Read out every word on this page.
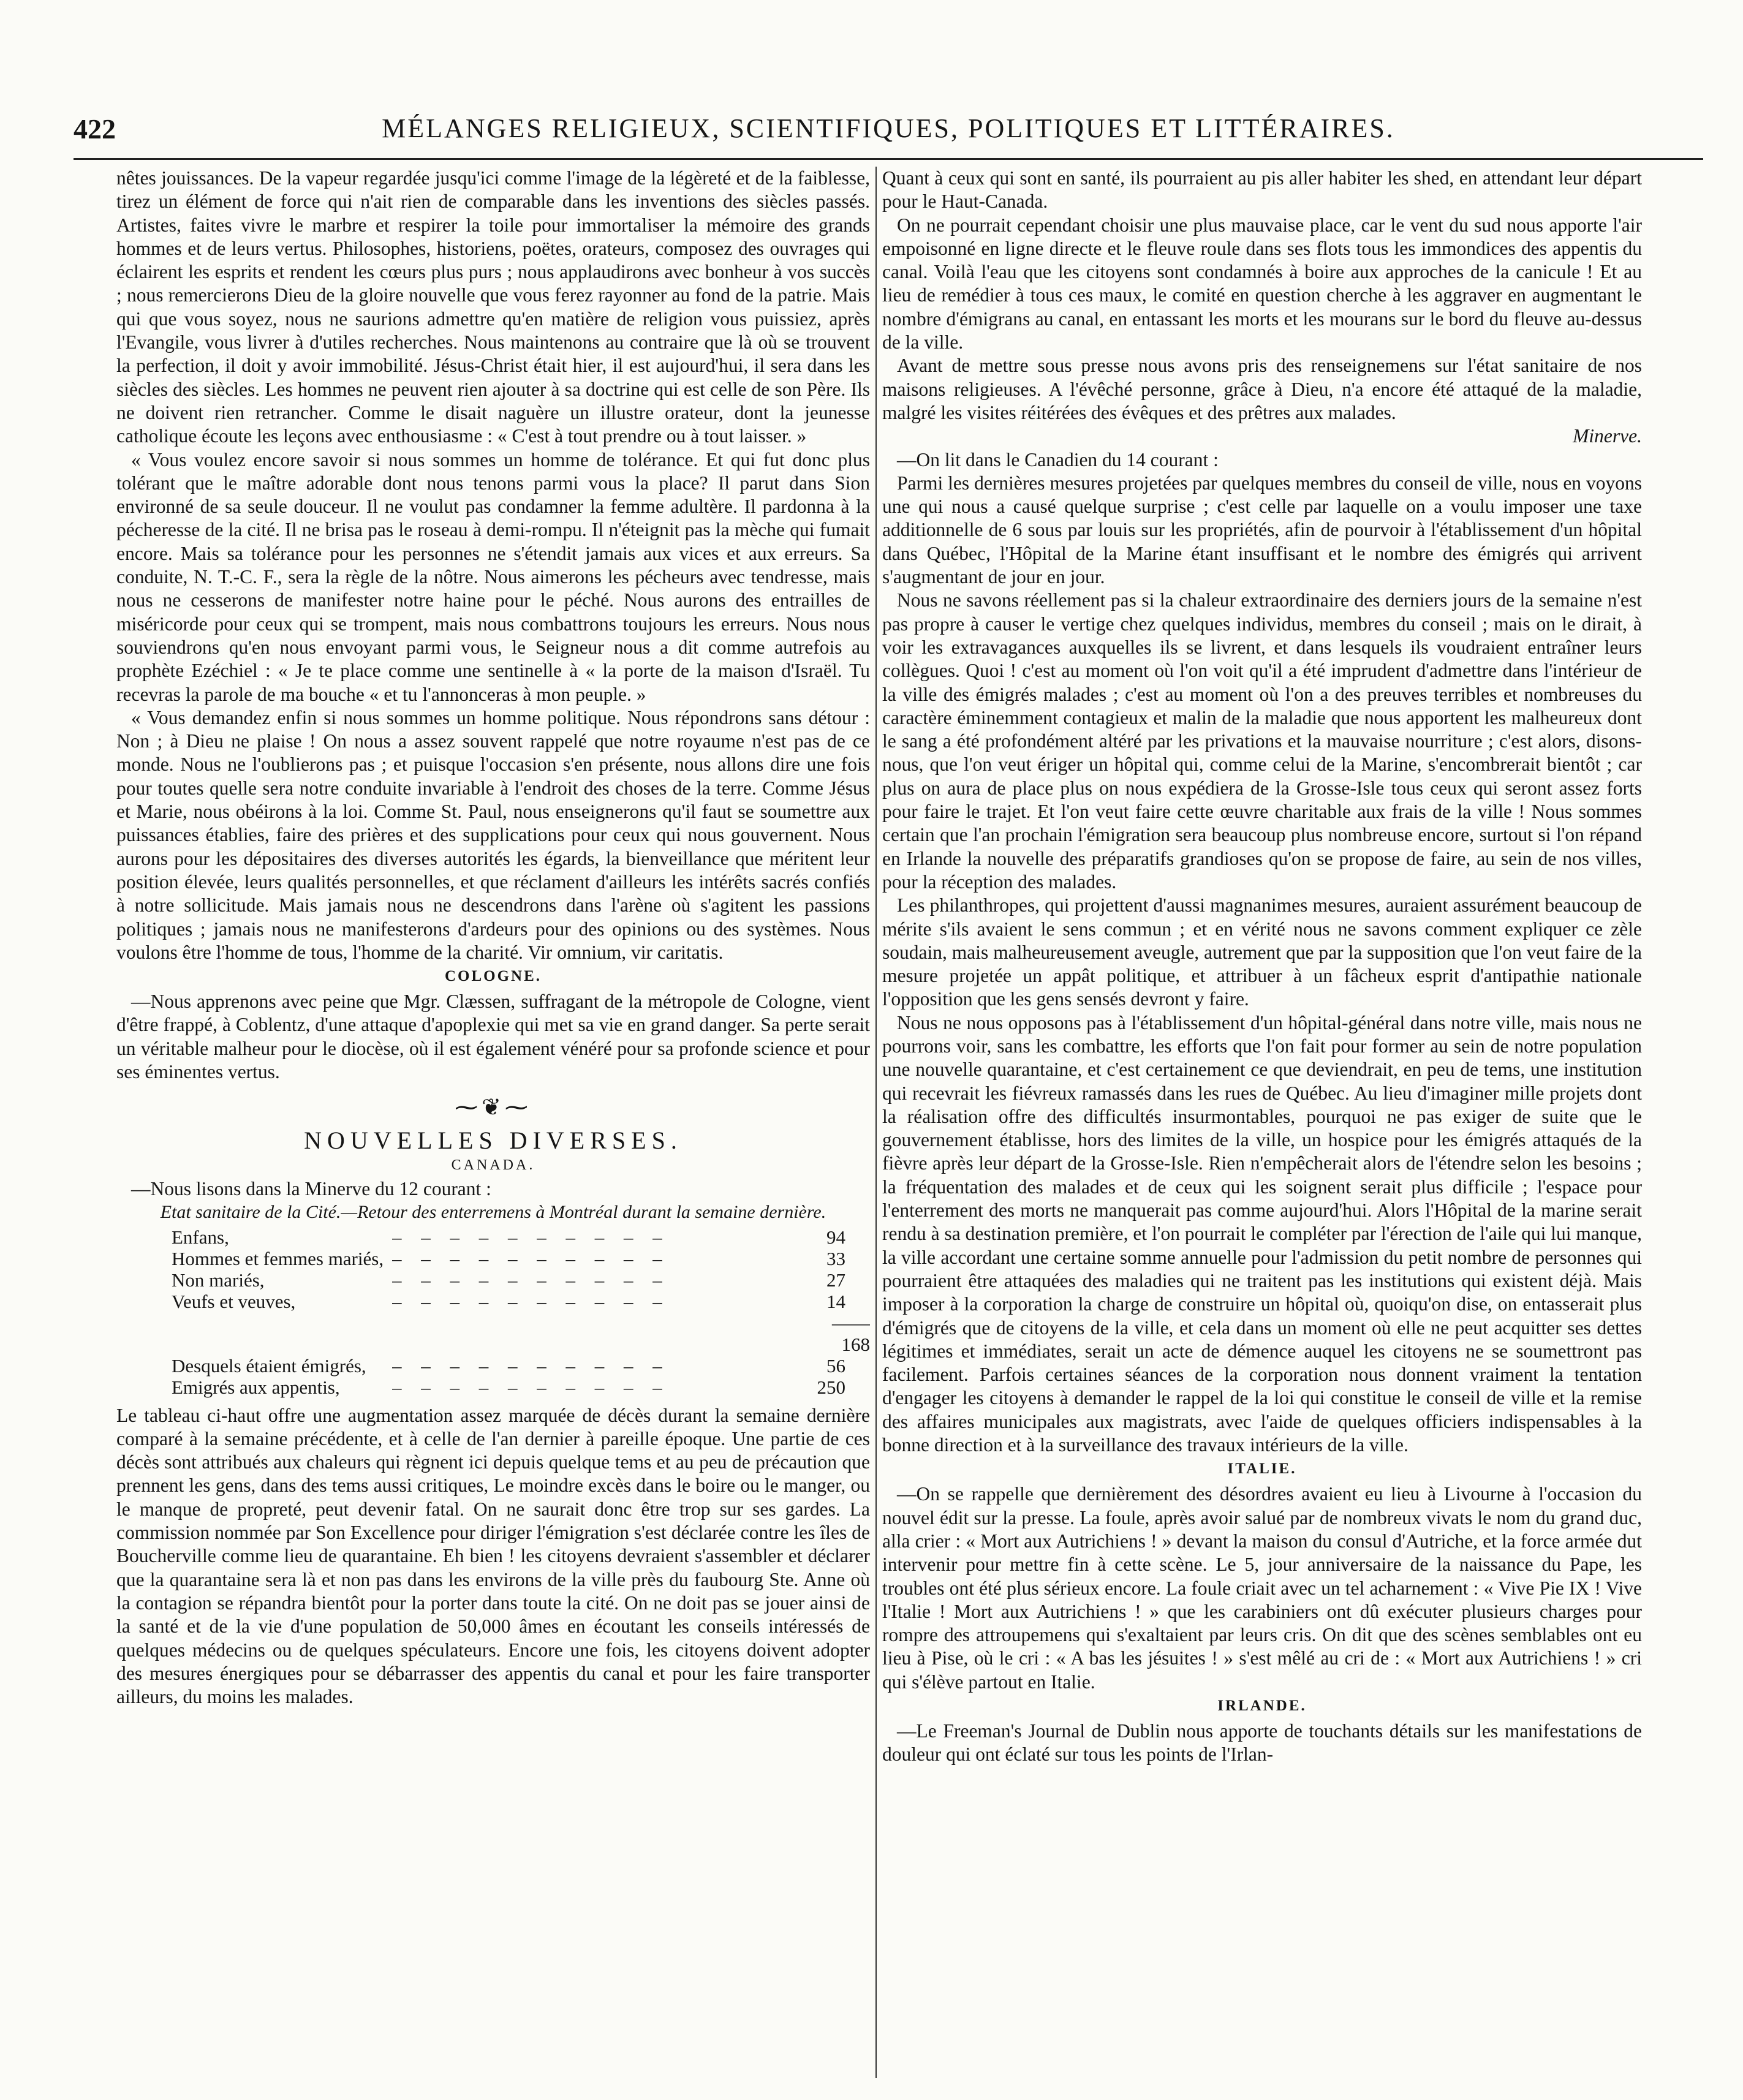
422	MÉLANGES RELIGIEUX, SCIENTIFIQUES, POLITIQUES ET LITTÉRAIRES.

nêtes jouissances. De la vapeur regardée jusqu'ici comme l'image de la légèreté et de la faiblesse, tirez un élément de force qui n'ait rien de comparable dans les inventions des siècles passés. Artistes, faites vivre le marbre et respirer la toile pour immortaliser la mémoire des grands hommes et de leurs vertus. Philosophes, historiens, poëtes, orateurs, composez des ouvrages qui éclairent les esprits et rendent les cœurs plus purs ; nous applaudirons avec bonheur à vos succès ; nous remercierons Dieu de la gloire nouvelle que vous ferez rayonner au fond de la patrie. Mais qui que vous soyez, nous ne saurions admettre qu'en matière de religion vous puissiez, après l'Evangile, vous livrer à d'utiles recherches. Nous maintenons au contraire que là où se trouvent la perfection, il doit y avoir immobilité. Jésus-Christ était hier, il est aujourd'hui, il sera dans les siècles des siècles. Les hommes ne peuvent rien ajouter à sa doctrine qui est celle de son Père. Ils ne doivent rien retrancher. Comme le disait naguère un illustre orateur, dont la jeunesse catholique écoute les leçons avec enthousiasme : « C'est à tout prendre ou à tout laisser. »

« Vous voulez encore savoir si nous sommes un homme de tolérance. Et qui fut donc plus tolérant que le maître adorable dont nous tenons parmi vous la place? Il parut dans Sion environné de sa seule douceur. Il ne voulut pas condamner la femme adultère. Il pardonna à la pécheresse de la cité. Il ne brisa pas le roseau à demi-rompu. Il n'éteignit pas la mèche qui fumait encore. Mais sa tolérance pour les personnes ne s'étendit jamais aux vices et aux erreurs. Sa conduite, N. T.-C. F., sera la règle de la nôtre. Nous aimerons les pécheurs avec tendresse, mais nous ne cesserons de manifester notre haine pour le péché. Nous aurons des entrailles de miséricorde pour ceux qui se trompent, mais nous combattrons toujours les erreurs. Nous nous souviendrons qu'en nous envoyant parmi vous, le Seigneur nous a dit comme autrefois au prophète Ezéchiel : « Je te place comme une sentinelle à « la porte de la maison d'Israël. Tu recevras la parole de ma bouche « et tu l'annonceras à mon peuple. »

« Vous demandez enfin si nous sommes un homme politique. Nous répondrons sans détour : Non ; à Dieu ne plaise ! On nous a assez souvent rappelé que notre royaume n'est pas de ce monde. Nous ne l'oublierons pas ; et puisque l'occasion s'en présente, nous allons dire une fois pour toutes quelle sera notre conduite invariable à l'endroit des choses de la terre. Comme Jésus et Marie, nous obéirons à la loi. Comme St. Paul, nous enseignerons qu'il faut se soumettre aux puissances établies, faire des prières et des supplications pour ceux qui nous gouvernent. Nous aurons pour les dépositaires des diverses autorités les égards, la bienveillance que méritent leur position élevée, leurs qualités personnelles, et que réclament d'ailleurs les intérêts sacrés confiés à notre sollicitude. Mais jamais nous ne descendrons dans l'arène où s'agitent les passions politiques ; jamais nous ne manifesterons d'ardeurs pour des opinions ou des systèmes. Nous voulons être l'homme de tous, l'homme de la charité. Vir omnium, vir caritatis.

COLOGNE.

—Nous apprenons avec peine que Mgr. Clæssen, suffragant de la métropole de Cologne, vient d'être frappé, à Coblentz, d'une attaque d'apoplexie qui met sa vie en grand danger. Sa perte serait un véritable malheur pour le diocèse, où il est également vénéré pour sa profonde science et pour ses éminentes vertus.

⁓❦⁓
NOUVELLES DIVERSES.
CANADA.

—Nous lisons dans la Minerve du 12 courant :

Etat sanitaire de la Cité.—Retour des enterremens à Montréal durant la semaine dernière.
Enfans,	– – – – – – – – – –	94
Hommes et femmes mariés, – – – – – – – – – –	33
Non mariés,	– – – – – – – – – –	27
Veufs et veuves,	– – – – – – – – – –	14
——168
Desquels étaient émigrés,	– – – – – – – – – –	56
Emigrés aux appentis,	– – – – – – – – – –	250

Le tableau ci-haut offre une augmentation assez marquée de décès durant la semaine dernière comparé à la semaine précédente, et à celle de l'an dernier à pareille époque. Une partie de ces décès sont attribués aux chaleurs qui règnent ici depuis quelque tems et au peu de précaution que prennent les gens, dans des tems aussi critiques, Le moindre excès dans le boire ou le manger, ou le manque de propreté, peut devenir fatal. On ne saurait donc être trop sur ses gardes. La commission nommée par Son Excellence pour diriger l'émigration s'est déclarée contre les îles de Boucherville comme lieu de quarantaine. Eh bien ! les citoyens devraient s'assembler et déclarer que la quarantaine sera là et non pas dans les environs de la ville près du faubourg Ste. Anne où la contagion se répandra bientôt pour la porter dans toute la cité. On ne doit pas se jouer ainsi de la santé et de la vie d'une population de 50,000 âmes en écoutant les conseils intéressés de quelques médecins ou de quelques spéculateurs. Encore une fois, les citoyens doivent adopter des mesures énergiques pour se débarrasser des appentis du canal et pour les faire transporter ailleurs, du moins les malades.

Quant à ceux qui sont en santé, ils pourraient au pis aller habiter les shed, en attendant leur départ pour le Haut-Canada.

On ne pourrait cependant choisir une plus mauvaise place, car le vent du sud nous apporte l'air empoisonné en ligne directe et le fleuve roule dans ses flots tous les immondices des appentis du canal. Voilà l'eau que les citoyens sont condamnés à boire aux approches de la canicule ! Et au lieu de remédier à tous ces maux, le comité en question cherche à les aggraver en augmentant le nombre d'émigrans au canal, en entassant les morts et les mourans sur le bord du fleuve au-dessus de la ville.

Avant de mettre sous presse nous avons pris des renseignemens sur l'état sanitaire de nos maisons religieuses. A l'évêché personne, grâce à Dieu, n'a encore été attaqué de la maladie, malgré les visites réitérées des évêques et des prêtres aux malades.

Minerve.

—On lit dans le Canadien du 14 courant :

Parmi les dernières mesures projetées par quelques membres du conseil de ville, nous en voyons une qui nous a causé quelque surprise ; c'est celle par laquelle on a voulu imposer une taxe additionnelle de 6 sous par louis sur les propriétés, afin de pourvoir à l'établissement d'un hôpital dans Québec, l'Hôpital de la Marine étant insuffisant et le nombre des émigrés qui arrivent s'augmentant de jour en jour.

Nous ne savons réellement pas si la chaleur extraordinaire des derniers jours de la semaine n'est pas propre à causer le vertige chez quelques individus, membres du conseil ; mais on le dirait, à voir les extravagances auxquelles ils se livrent, et dans lesquels ils voudraient entraîner leurs collègues. Quoi ! c'est au moment où l'on voit qu'il a été imprudent d'admettre dans l'intérieur de la ville des émigrés malades ; c'est au moment où l'on a des preuves terribles et nombreuses du caractère éminemment contagieux et malin de la maladie que nous apportent les malheureux dont le sang a été profondément altéré par les privations et la mauvaise nourriture ; c'est alors, disons-nous, que l'on veut ériger un hôpital qui, comme celui de la Marine, s'encombrerait bientôt ; car plus on aura de place plus on nous expédiera de la Grosse-Isle tous ceux qui seront assez forts pour faire le trajet. Et l'on veut faire cette œuvre charitable aux frais de la ville ! Nous sommes certain que l'an prochain l'émigration sera beaucoup plus nombreuse encore, surtout si l'on répand en Irlande la nouvelle des préparatifs grandioses qu'on se propose de faire, au sein de nos villes, pour la réception des malades.

Les philanthropes, qui projettent d'aussi magnanimes mesures, auraient assurément beaucoup de mérite s'ils avaient le sens commun ; et en vérité nous ne savons comment expliquer ce zèle soudain, mais malheureusement aveugle, autrement que par la supposition que l'on veut faire de la mesure projetée un appât politique, et attribuer à un fâcheux esprit d'antipathie nationale l'opposition que les gens sensés devront y faire.

Nous ne nous opposons pas à l'établissement d'un hôpital-général dans notre ville, mais nous ne pourrons voir, sans les combattre, les efforts que l'on fait pour former au sein de notre population une nouvelle quarantaine, et c'est certainement ce que deviendrait, en peu de tems, une institution qui recevrait les fiévreux ramassés dans les rues de Québec. Au lieu d'imaginer mille projets dont la réalisation offre des difficultés insurmontables, pourquoi ne pas exiger de suite que le gouvernement établisse, hors des limites de la ville, un hospice pour les émigrés attaqués de la fièvre après leur départ de la Grosse-Isle. Rien n'empêcherait alors de l'étendre selon les besoins ; la fréquentation des malades et de ceux qui les soignent serait plus difficile ; l'espace pour l'enterrement des morts ne manquerait pas comme aujourd'hui. Alors l'Hôpital de la marine serait rendu à sa destination première, et l'on pourrait le compléter par l'érection de l'aile qui lui manque, la ville accordant une certaine somme annuelle pour l'admission du petit nombre de personnes qui pourraient être attaquées des maladies qui ne traitent pas les institutions qui existent déjà. Mais imposer à la corporation la charge de construire un hôpital où, quoiqu'on dise, on entasserait plus d'émigrés que de citoyens de la ville, et cela dans un moment où elle ne peut acquitter ses dettes légitimes et immédiates, serait un acte de démence auquel les citoyens ne se soumettront pas facilement. Parfois certaines séances de la corporation nous donnent vraiment la tentation d'engager les citoyens à demander le rappel de la loi qui constitue le conseil de ville et la remise des affaires municipales aux magistrats, avec l'aide de quelques officiers indispensables à la bonne direction et à la surveillance des travaux intérieurs de la ville.

ITALIE.

—On se rappelle que dernièrement des désordres avaient eu lieu à Livourne à l'occasion du nouvel édit sur la presse. La foule, après avoir salué par de nombreux vivats le nom du grand duc, alla crier : « Mort aux Autrichiens ! » devant la maison du consul d'Autriche, et la force armée dut intervenir pour mettre fin à cette scène. Le 5, jour anniversaire de la naissance du Pape, les troubles ont été plus sérieux encore. La foule criait avec un tel acharnement : « Vive Pie IX ! Vive l'Italie ! Mort aux Autrichiens ! » que les carabiniers ont dû exécuter plusieurs charges pour rompre des attroupemens qui s'exaltaient par leurs cris. On dit que des scènes semblables ont eu lieu à Pise, où le cri : « A bas les jésuites ! » s'est mêlé au cri de : « Mort aux Autrichiens ! » cri qui s'élève partout en Italie.

IRLANDE.

—Le Freeman's Journal de Dublin nous apporte de touchants détails sur les manifestations de douleur qui ont éclaté sur tous les points de l'Irlan-
